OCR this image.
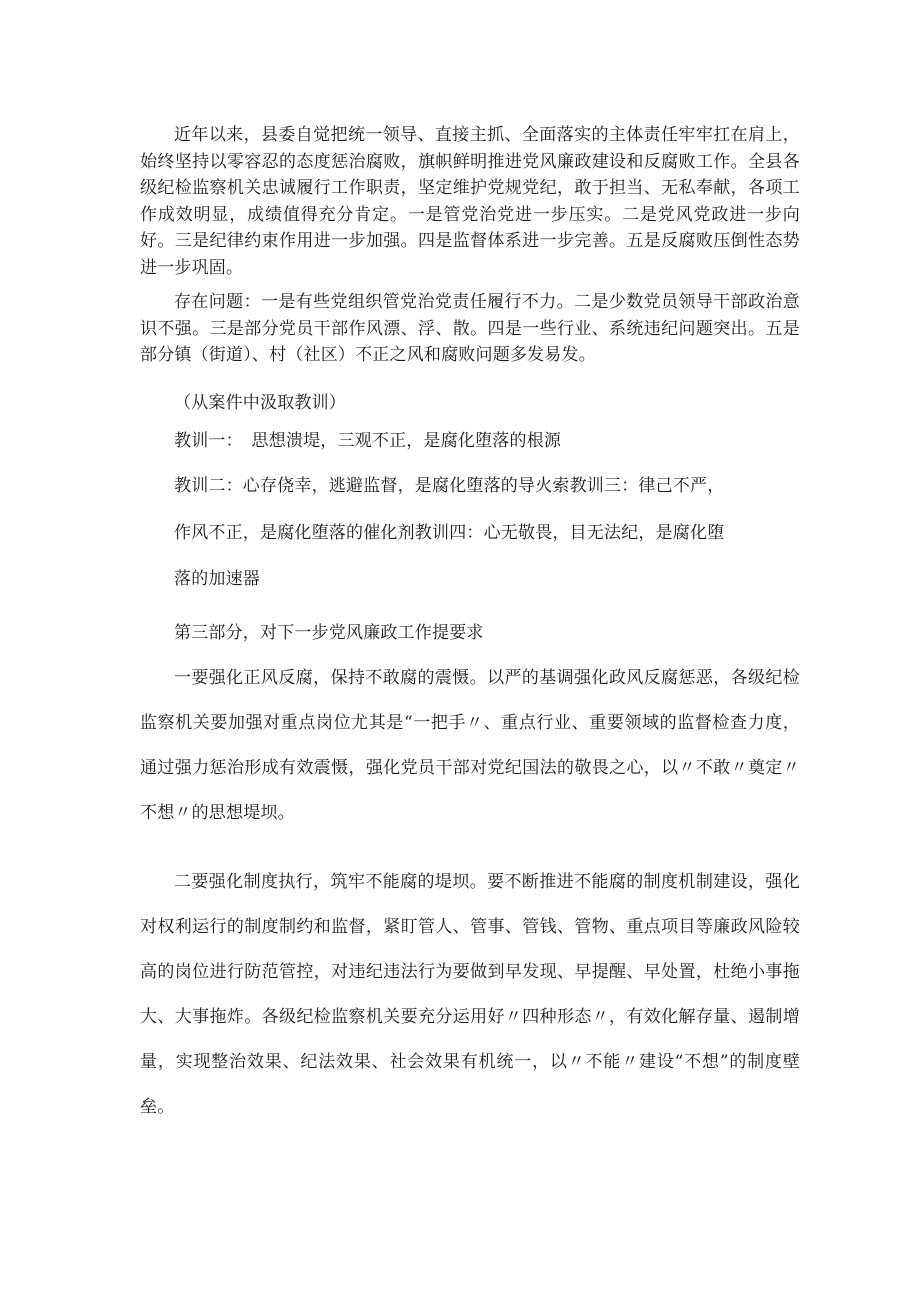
近年以来，县委自觉把统一领导、直接主抓、全面落实的主体责任牢牢扛在肩上，始终坚持以零容忍的态度惩治腐败，旗帜鲜明推进党风廉政建设和反腐败工作。全县各级纪检监察机关忠诚履行工作职责，坚定维护党规党纪，敢于担当、无私奉献，各项工作成效明显，成绩值得充分肯定。一是管党治党进一步压实。二是党风党政进一步向好。三是纪律约束作用进一步加强。四是监督体系进一步完善。五是反腐败压倒性态势进一步巩固。

存在问题：一是有些党组织管党治党责任履行不力。二是少数党员领导干部政治意识不强。三是部分党员干部作风漂、浮、散。四是一些行业、系统违纪问题突出。五是部分镇（街道）、村（社区）不正之风和腐败问题多发易发。

（从案件中汲取教训）

教训一：　思想溃堤，三观不正，是腐化堕落的根源

教训二：心存侥幸，逃避监督，是腐化堕落的导火索教训三：律己不严，

作风不正，是腐化堕落的催化剂教训四：心无敬畏，目无法纪，是腐化堕

落的加速器

第三部分，对下一步党风廉政工作提要求

一要强化正风反腐，保持不敢腐的震慑。以严的基调强化政风反腐惩恶，各级纪检监察机关要加强对重点岗位尤其是“一把手〃、重点行业、重要领域的监督检查力度，通过强力惩治形成有效震慑，强化党员干部对党纪国法的敬畏之心，以〃不敢〃奠定〃不想〃的思想堤坝。

二要强化制度执行，筑牢不能腐的堤坝。要不断推进不能腐的制度机制建设，强化对权利运行的制度制约和监督，紧盯管人、管事、管钱、管物、重点项目等廉政风险较高的岗位进行防范管控，对违纪违法行为要做到早发现、早提醒、早处置，杜绝小事拖大、大事拖炸。各级纪检监察机关要充分运用好〃四种形态〃，有效化解存量、遏制增量，实现整治效果、纪法效果、社会效果有机统一，以〃不能〃建设“不想”的制度壁垒。
